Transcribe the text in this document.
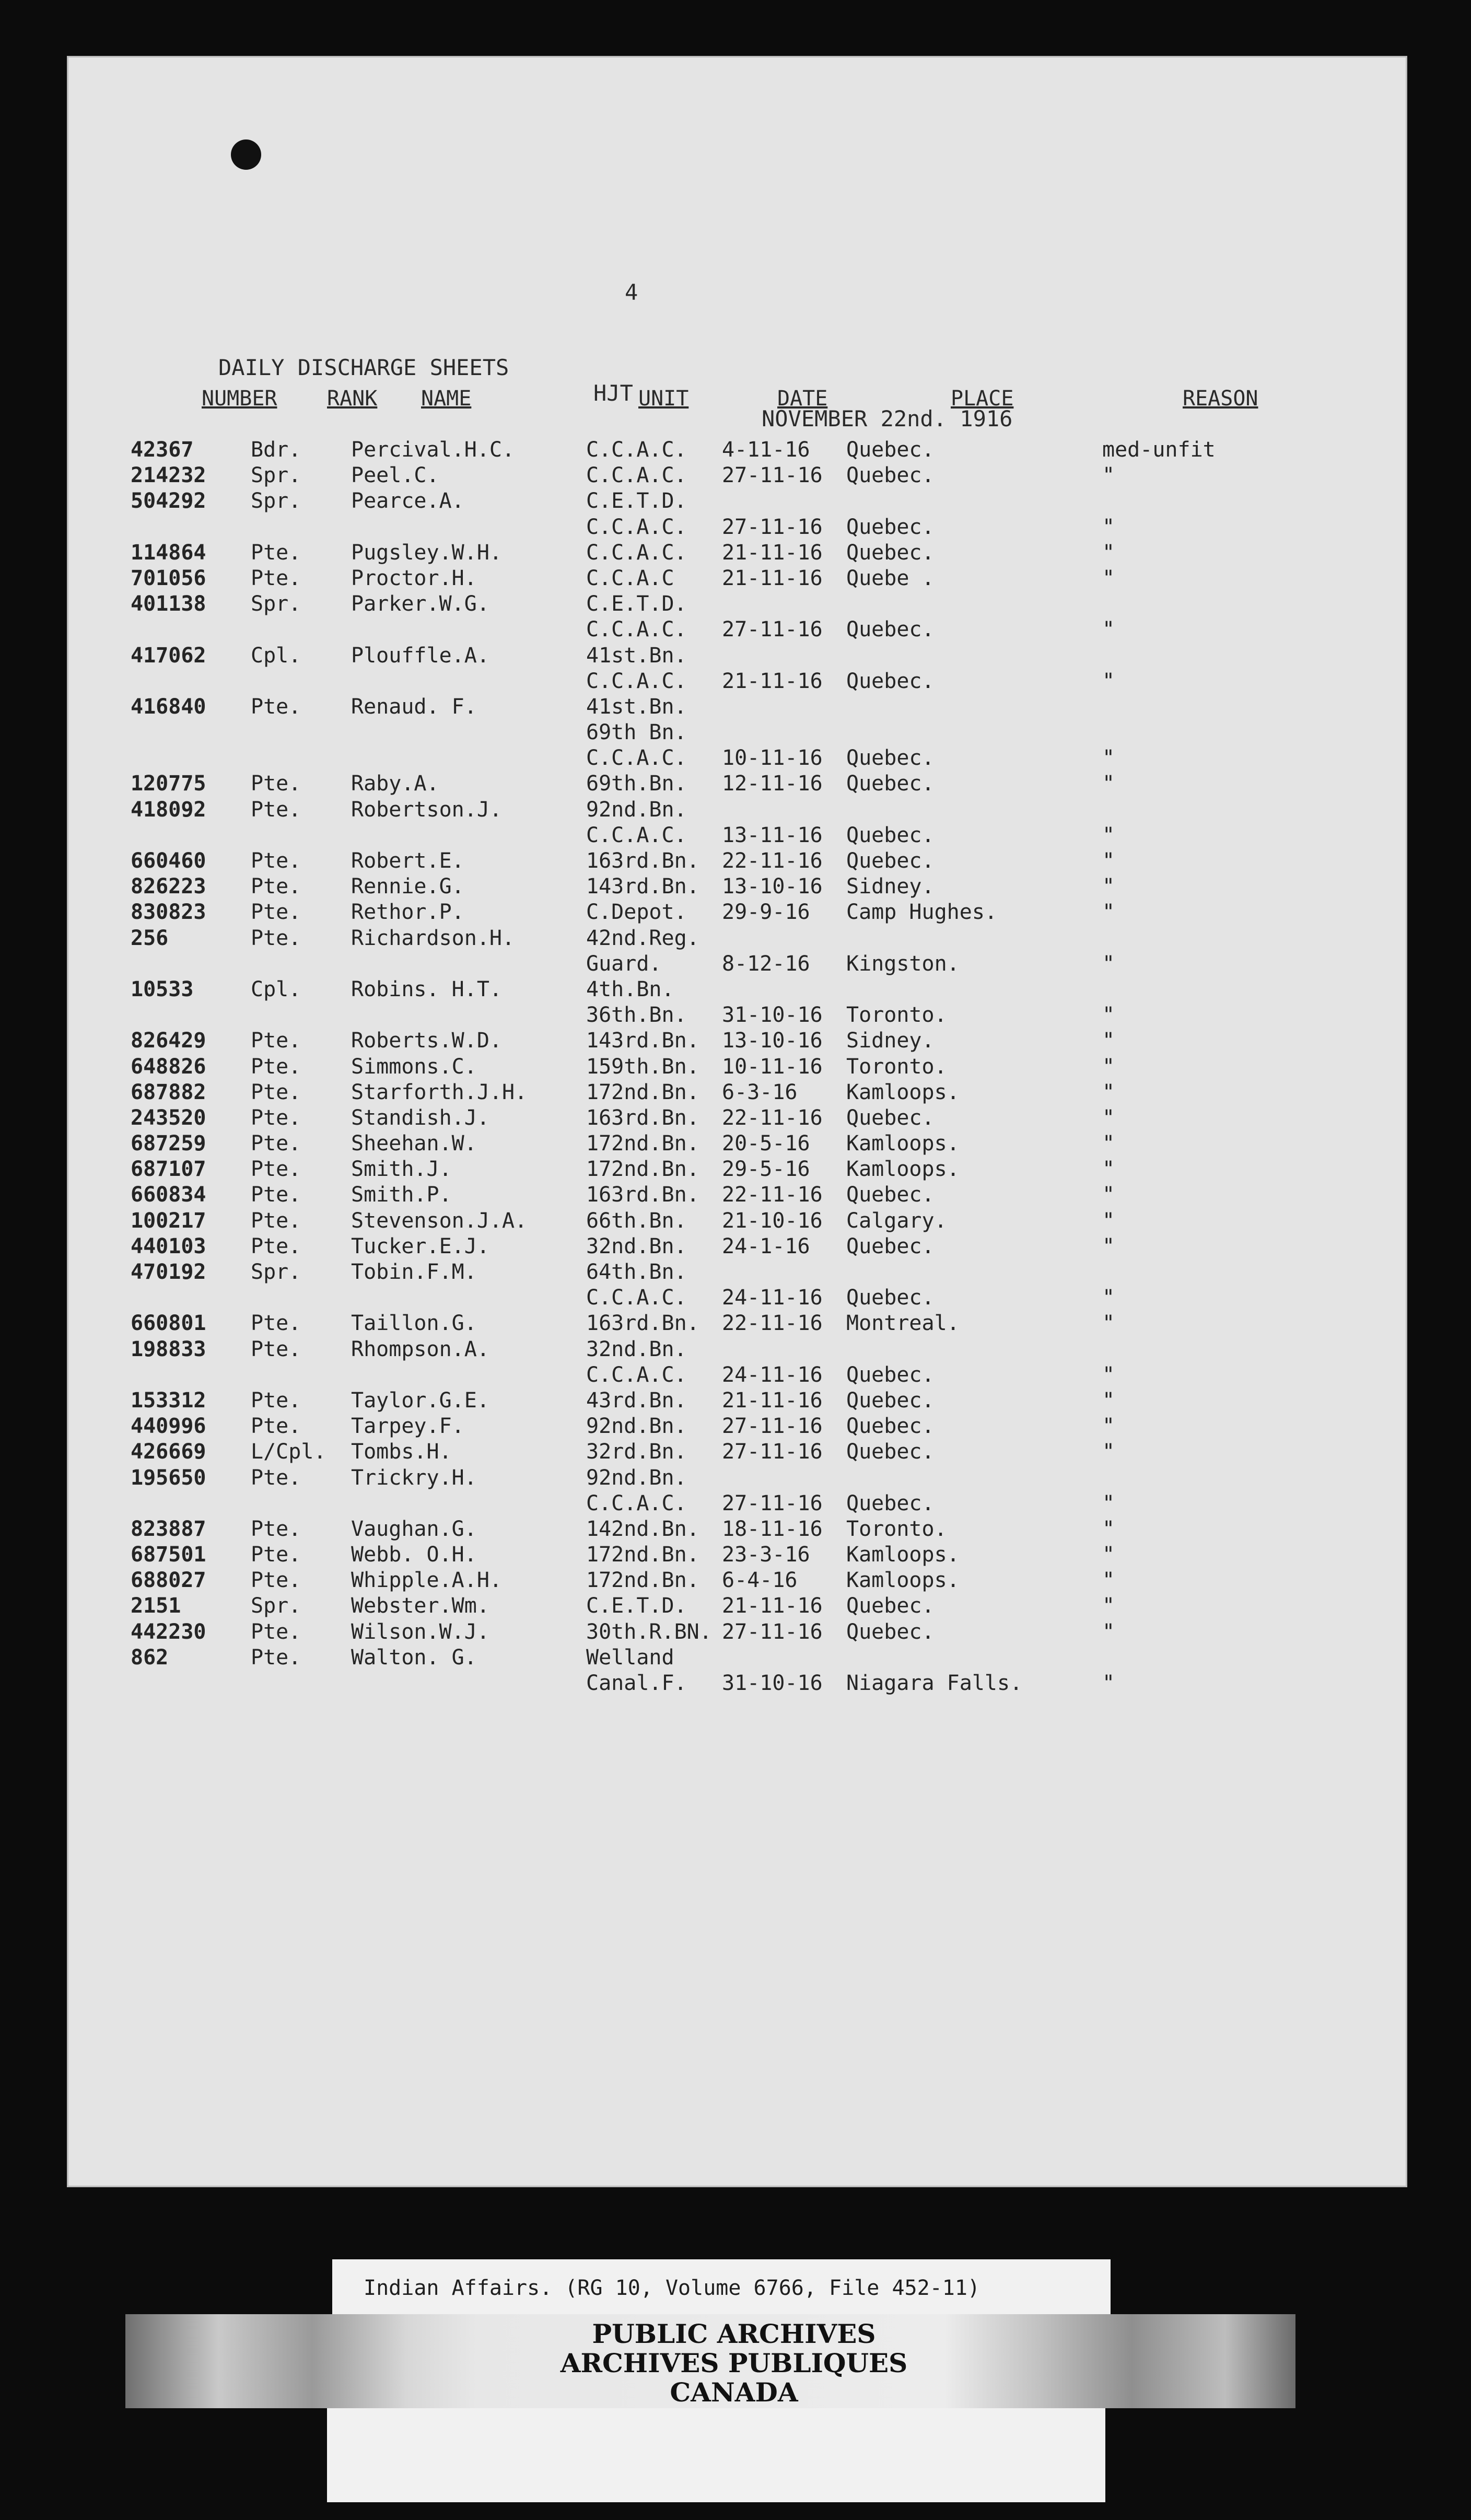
4

DAILY DISCHARGE SHEETS

HJT

NOVEMBER 22nd. 1916

NUMBER RANK NAME	UNIT	DATE	PLACE	REASON
42367	Bdr. Percival.H.C.	C.C.A.C. 4-11-16 Quebec.	med-unfit
214232 Spr. Peel.C.	C.C.A.C. 27-11-16 Quebec.	"
504292 Spr. Pearce.A.	C.E.T.D.
C.C.A.C. 27-11-16 Quebec.	"
114864 Pte. Pugsley.W.H.	C.C.A.C. 21-11-16 Quebec.	"
701056 Pte. Proctor.H.	C.C.A.C 21-11-16 Quebe .	"
401138 Spr. Parker.W.G.	C.E.T.D.
C.C.A.C. 27-11-16 Quebec.	"
417062 Cpl. Plouffle.A.	41st.Bn.
C.C.A.C. 21-11-16 Quebec.	"
416840 Pte. Renaud. F.	41st.Bn.
69th Bn.
C.C.A.C. 10-11-16 Quebec.	"
120775 Pte. Raby.A.	69th.Bn. 12-11-16 Quebec.	"
418092 Pte. Robertson.J.	92nd.Bn.
C.C.A.C. 13-11-16 Quebec.	"
660460 Pte. Robert.E.	163rd.Bn. 22-11-16 Quebec.	"
826223 Pte. Rennie.G.	143rd.Bn. 13-10-16 Sidney.	"
830823 Pte. Rethor.P.	C.Depot. 29-9-16 Camp Hughes.	"
256	Pte. Richardson.H.	42nd.Reg.
Guard.	8-12-16 Kingston.	"
10533	Cpl. Robins. H.T.	4th.Bn.
36th.Bn. 31-10-16 Toronto.	"
826429 Pte. Roberts.W.D.	143rd.Bn. 13-10-16 Sidney.	"
648826 Pte. Simmons.C.	159th.Bn. 10-11-16 Toronto.	"
687882 Pte. Starforth.J.H.	172nd.Bn. 6-3-16 Kamloops.	"
243520 Pte. Standish.J.	163rd.Bn. 22-11-16 Quebec.	"
687259 Pte. Sheehan.W.	172nd.Bn. 20-5-16 Kamloops.	"
687107 Pte. Smith.J.	172nd.Bn. 29-5-16 Kamloops.	"
660834 Pte. Smith.P.	163rd.Bn. 22-11-16 Quebec.	"
100217 Pte. Stevenson.J.A.	66th.Bn. 21-10-16 Calgary.	"
440103 Pte. Tucker.E.J.	32nd.Bn. 24-1-16 Quebec.	"
470192 Spr. Tobin.F.M.	64th.Bn.
C.C.A.C. 24-11-16 Quebec.	"
660801 Pte. Taillon.G.	163rd.Bn. 22-11-16 Montreal.	"
198833 Pte. Rhompson.A.	32nd.Bn.
C.C.A.C. 24-11-16 Quebec.	"
153312 Pte. Taylor.G.E.	43rd.Bn. 21-11-16 Quebec.	"
440996 Pte. Tarpey.F.	92nd.Bn. 27-11-16 Quebec.	"
426669 L/Cpl. Tombs.H.	32rd.Bn. 27-11-16 Quebec.	"
195650 Pte. Trickry.H.	92nd.Bn.
C.C.A.C. 27-11-16 Quebec.	"
823887 Pte. Vaughan.G.	142nd.Bn. 18-11-16 Toronto.	"
687501 Pte. Webb. O.H.	172nd.Bn. 23-3-16 Kamloops.	"
688027 Pte. Whipple.A.H.	172nd.Bn. 6-4-16 Kamloops.	"
2151	Spr. Webster.Wm.	C.E.T.D. 21-11-16 Quebec.	"
442230 Pte. Wilson.W.J.	30th.R.BN. 27-11-16 Quebec.	"
862	Pte. Walton. G.	Welland
Canal.F. 31-10-16 Niagara Falls.	"
Indian Affairs. (RG 10, Volume 6766, File 452-11)
PUBLIC ARCHIVES
ARCHIVES PUBLIQUES
CANADA
